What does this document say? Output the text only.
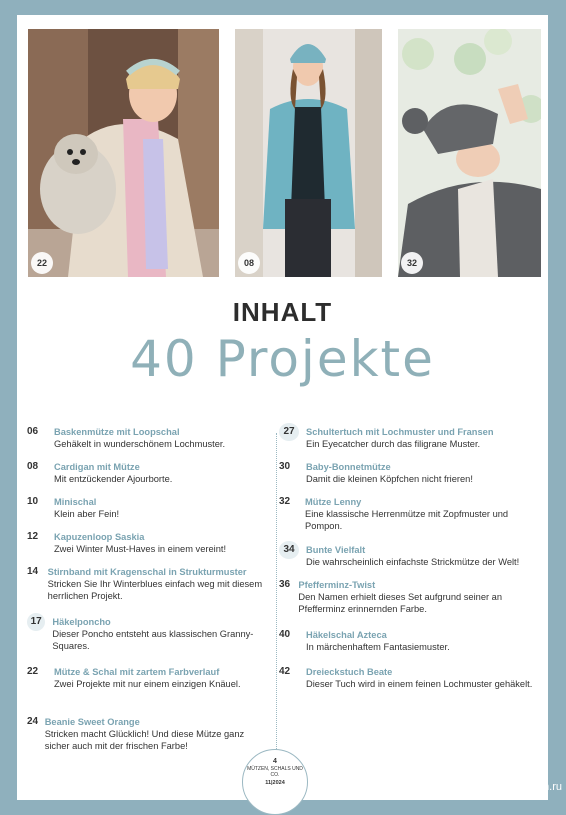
22	08	32
INHALT
40 Projekte
06	Baskenmütze mit Loopschal
Gehäkelt in wunderschönem Lochmuster.
08	Cardigan mit Mütze
Mit entzückender Ajourborte.
10	Minischal
Klein aber Fein!
12	Kapuzenloop Saskia
Zwei Winter Must-Haves in einem vereint!
14	Stirnband mit Kragenschal in Strukturmuster
Stricken Sie Ihr Winterblues einfach weg mit diesem herrlichen Projekt.
17	Häkelponcho
Dieser Poncho entsteht aus klassischen Granny-Squares.
22	Mütze & Schal mit zartem Farbverlauf
Zwei Projekte mit nur einem einzigen Knäuel.
24 Beanie Sweet Orange
Stricken macht Glücklich! Und diese Mütze ganz sicher auch mit der frischen Farbe!
27	Schultertuch mit Lochmuster und Fransen
Ein Eyecatcher durch das filigrane Muster.
30	Baby-Bonnetmütze
Damit die kleinen Köpfchen nicht frieren!
32	Mütze Lenny
Eine klassische Herrenmütze mit Zopfmuster und Pompon.
34	Bunte Vielfalt
Die wahrscheinlich einfachste Strickmütze der Welt!
36 Pfefferminz-Twist
Den Namen erhielt dieses Set aufgrund seiner an Pfefferminz erinnernden Farbe.
40	Häkelschal Azteca
In märchenhaftem Fantasiemuster.
42	Dreieckstuch Beate
Dieser Tuch wird in einem feinen Lochmuster gehäkelt.
4
MÜTZEN, SCHALS UND CO.
11|2024	PassionForum.ru
